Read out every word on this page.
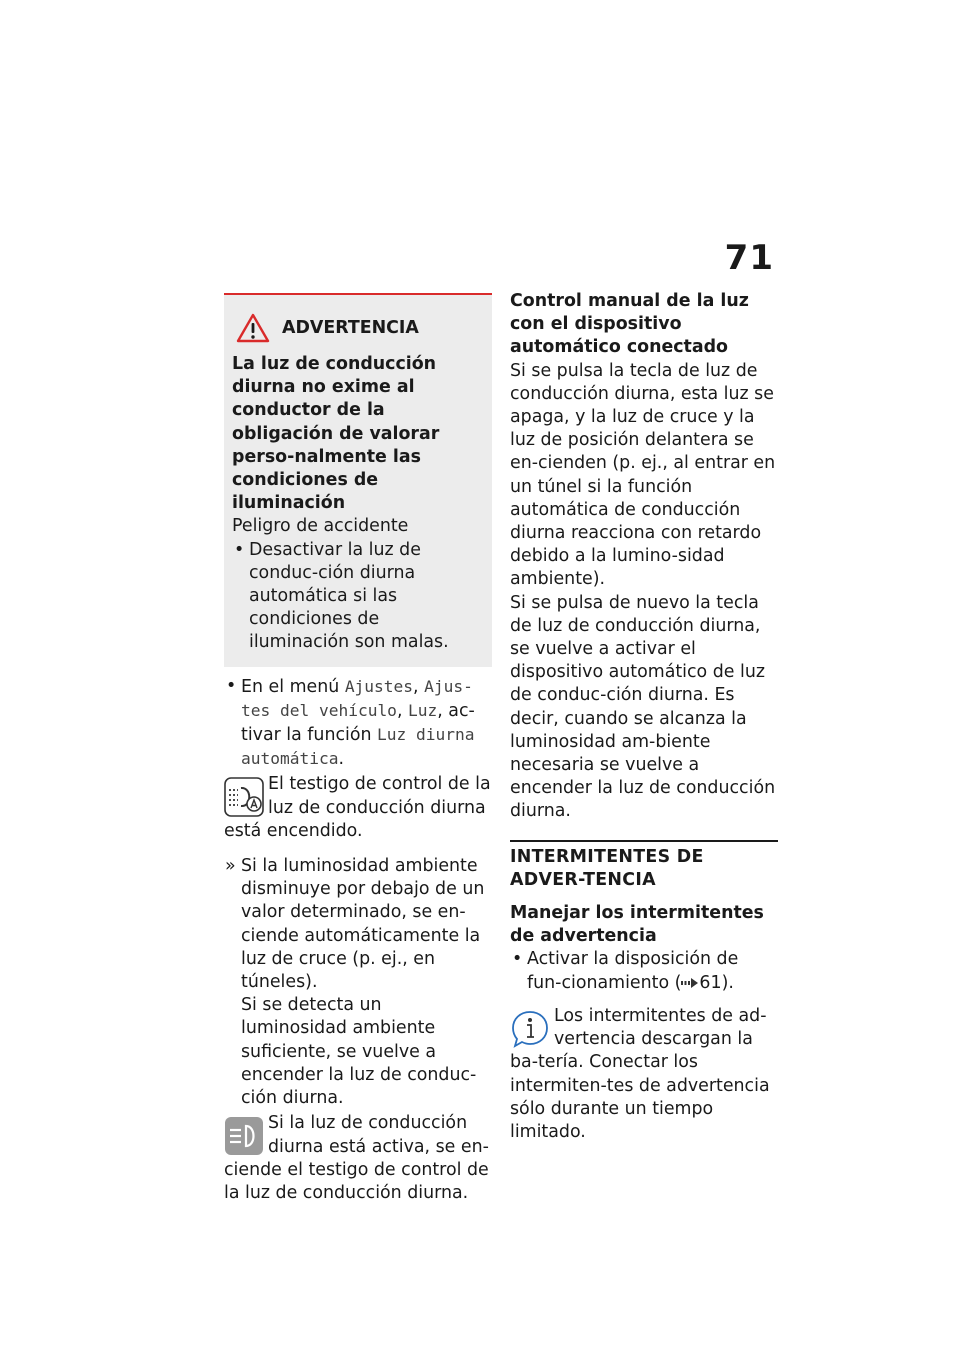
71
ADVERTENCIA
La luz de conducción diurna no exime al conductor de la obligación de valorar perso-nalmente las condiciones de iluminación
Peligro de accidente
• Desactivar la luz de conduc-ción diurna automática si las condiciones de iluminación son malas.
• En el menú Ajustes, Ajus-tes del vehículo, Luz, ac-tivar la función Luz diurna automática.
El testigo de control de la luz de conducción diurna está encendido.
» Si la luminosidad ambiente disminuye por debajo de un valor determinado, se en-ciende automáticamente la luz de cruce (p. ej., en túneles).
Si se detecta un luminosidad ambiente suficiente, se vuelve a encender la luz de conduc-ción diurna.
Si la luz de conducción diurna está activa, se en-ciende el testigo de control de la luz de conducción diurna.
Control manual de la luz con el dispositivo automático conectado
Si se pulsa la tecla de luz de conducción diurna, esta luz se apaga, y la luz de cruce y la luz de posición delantera se en-cienden (p. ej., al entrar en un túnel si la función automática de conducción diurna reacciona con retardo debido a la lumino-sidad ambiente).
Si se pulsa de nuevo la tecla de luz de conducción diurna, se vuelve a activar el dispositivo automático de luz de conduc-ción diurna. Es decir, cuando se alcanza la luminosidad am-biente necesaria se vuelve a encender la luz de conducción diurna.
INTERMITENTES DE ADVER-TENCIA
Manejar los intermitentes de advertencia
• Activar la disposición de fun-cionamiento ( 61).
Los intermitentes de ad-vertencia descargan la ba-tería. Conectar los intermiten-tes de advertencia sólo durante un tiempo limitado.
